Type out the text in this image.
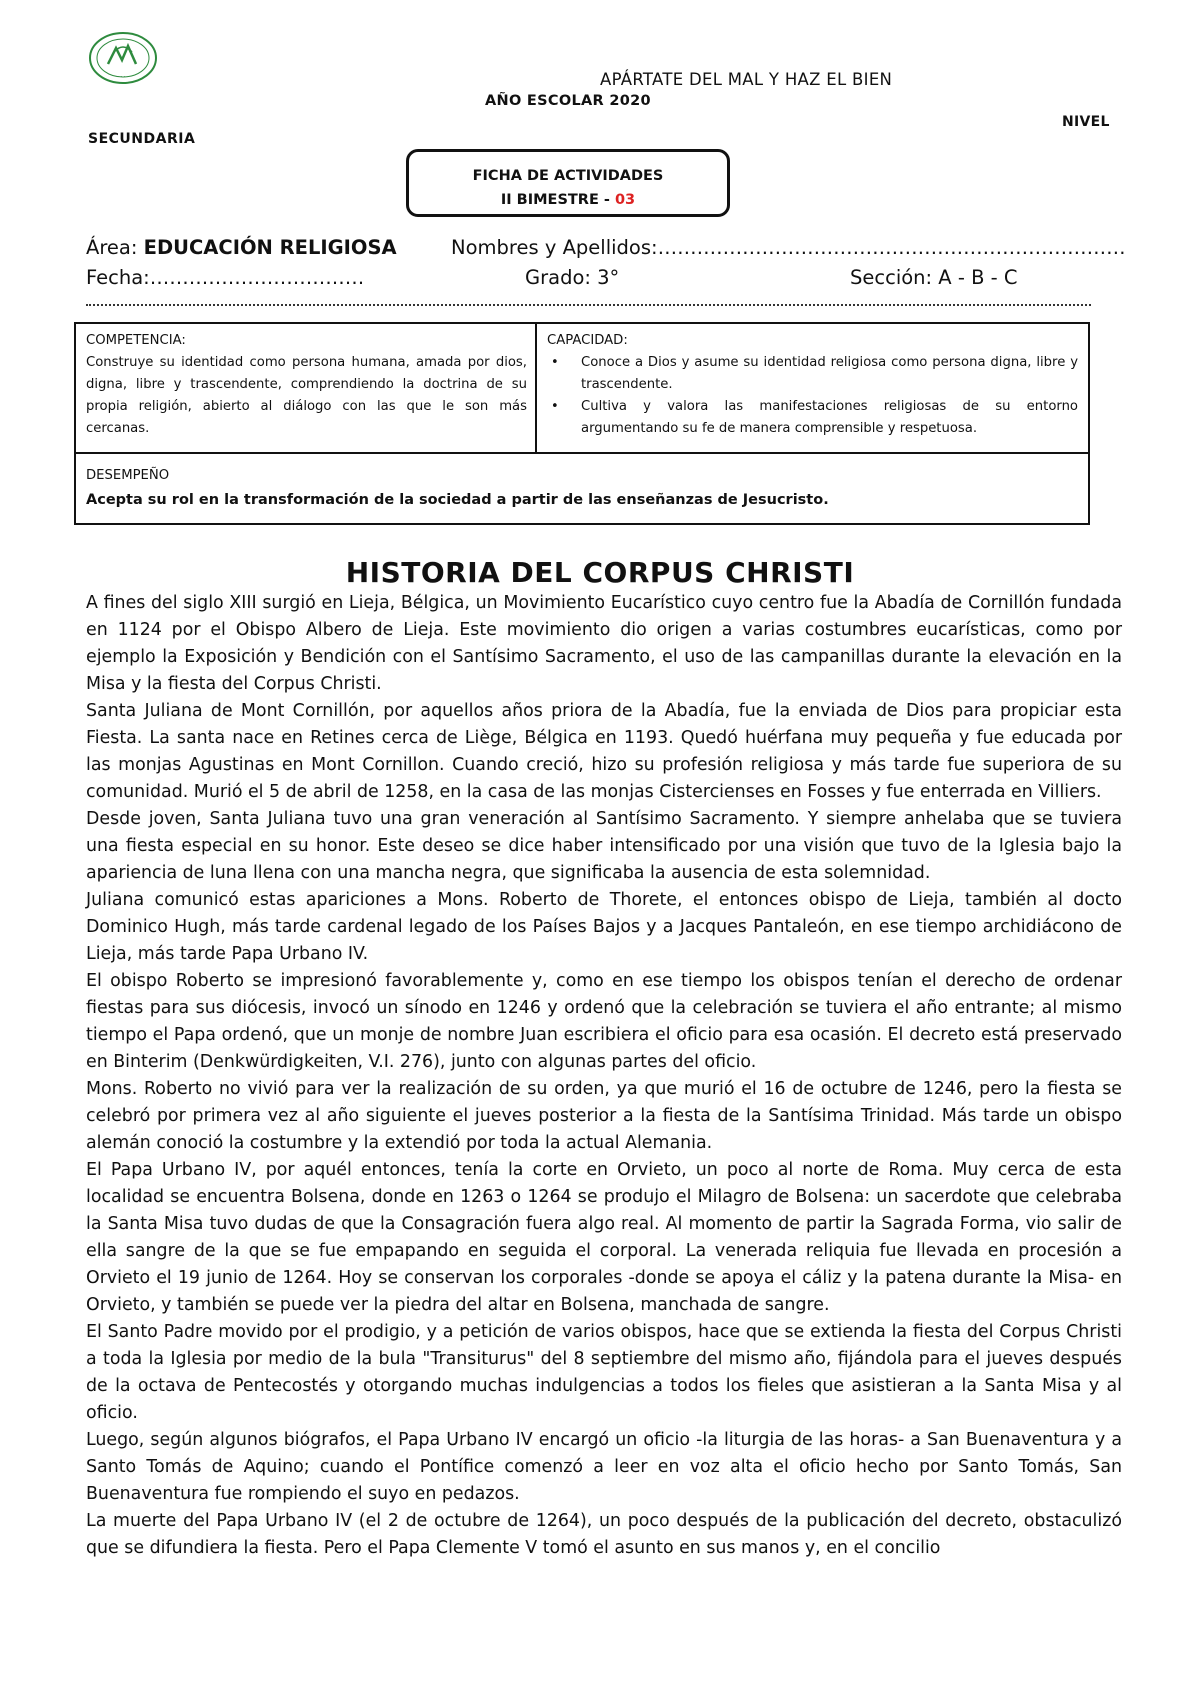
· · · ·	APÁRTATE DEL MAL Y HAZ EL BIEN
AÑO ESCOLAR 2020
NIVEL
SECUNDARIA
FICHA DE ACTIVIDADES
II BIMESTRE - 03
Área: EDUCACIÓN RELIGIOSA	Nombres y Apellidos:………………………………………………………………
Fecha:……………………………	Grado: 3°	Sección: A - B - C
COMPETENCIA:
Construye su identidad como persona humana, amada por dios, digna, libre y trascendente, comprendiendo la doctrina de su propia religión, abierto al diálogo con las que le son más cercanas.
CAPACIDAD:
• Conoce a Dios y asume su identidad religiosa como persona digna, libre y trascendente.
• Cultiva y valora las manifestaciones religiosas de su entorno argumentando su fe de manera comprensible y respetuosa.
DESEMPEÑO
Acepta su rol en la transformación de la sociedad a partir de las enseñanzas de Jesucristo.
HISTORIA DEL CORPUS CHRISTI

A fines del siglo XIII surgió en Lieja, Bélgica, un Movimiento Eucarístico cuyo centro fue la Abadía de Cornillón fundada en 1124 por el Obispo Albero de Lieja. Este movimiento dio origen a varias costumbres eucarísticas, como por ejemplo la Exposición y Bendición con el Santísimo Sacramento, el uso de las campanillas durante la elevación en la Misa y la fiesta del Corpus Christi.

Santa Juliana de Mont Cornillón, por aquellos años priora de la Abadía, fue la enviada de Dios para propiciar esta Fiesta. La santa nace en Retines cerca de Liège, Bélgica en 1193. Quedó huérfana muy pequeña y fue educada por las monjas Agustinas en Mont Cornillon. Cuando creció, hizo su profesión religiosa y más tarde fue superiora de su comunidad. Murió el 5 de abril de 1258, en la casa de las monjas Cistercienses en Fosses y fue enterrada en Villiers.

Desde joven, Santa Juliana tuvo una gran veneración al Santísimo Sacramento. Y siempre anhelaba que se tuviera una fiesta especial en su honor. Este deseo se dice haber intensificado por una visión que tuvo de la Iglesia bajo la apariencia de luna llena con una mancha negra, que significaba la ausencia de esta solemnidad.

Juliana comunicó estas apariciones a Mons. Roberto de Thorete, el entonces obispo de Lieja, también al docto Dominico Hugh, más tarde cardenal legado de los Países Bajos y a Jacques Pantaleón, en ese tiempo archidiácono de Lieja, más tarde Papa Urbano IV.

El obispo Roberto se impresionó favorablemente y, como en ese tiempo los obispos tenían el derecho de ordenar fiestas para sus diócesis, invocó un sínodo en 1246 y ordenó que la celebración se tuviera el año entrante; al mismo tiempo el Papa ordenó, que un monje de nombre Juan escribiera el oficio para esa ocasión. El decreto está preservado en Binterim (Denkwürdigkeiten, V.I. 276), junto con algunas partes del oficio.

Mons. Roberto no vivió para ver la realización de su orden, ya que murió el 16 de octubre de 1246, pero la fiesta se celebró por primera vez al año siguiente el jueves posterior a la fiesta de la Santísima Trinidad. Más tarde un obispo alemán conoció la costumbre y la extendió por toda la actual Alemania.

El Papa Urbano IV, por aquél entonces, tenía la corte en Orvieto, un poco al norte de Roma. Muy cerca de esta localidad se encuentra Bolsena, donde en 1263 o 1264 se produjo el Milagro de Bolsena: un sacerdote que celebraba la Santa Misa tuvo dudas de que la Consagración fuera algo real. Al momento de partir la Sagrada Forma, vio salir de ella sangre de la que se fue empapando en seguida el corporal. La venerada reliquia fue llevada en procesión a Orvieto el 19 junio de 1264. Hoy se conservan los corporales -donde se apoya el cáliz y la patena durante la Misa- en Orvieto, y también se puede ver la piedra del altar en Bolsena, manchada de sangre.

El Santo Padre movido por el prodigio, y a petición de varios obispos, hace que se extienda la fiesta del Corpus Christi a toda la Iglesia por medio de la bula "Transiturus" del 8 septiembre del mismo año, fijándola para el jueves después de la octava de Pentecostés y otorgando muchas indulgencias a todos los fieles que asistieran a la Santa Misa y al oficio.

Luego, según algunos biógrafos, el Papa Urbano IV encargó un oficio -la liturgia de las horas- a San Buenaventura y a Santo Tomás de Aquino; cuando el Pontífice comenzó a leer en voz alta el oficio hecho por Santo Tomás, San Buenaventura fue rompiendo el suyo en pedazos.

La muerte del Papa Urbano IV (el 2 de octubre de 1264), un poco después de la publicación del decreto, obstaculizó que se difundiera la fiesta. Pero el Papa Clemente V tomó el asunto en sus manos y, en el concilio
